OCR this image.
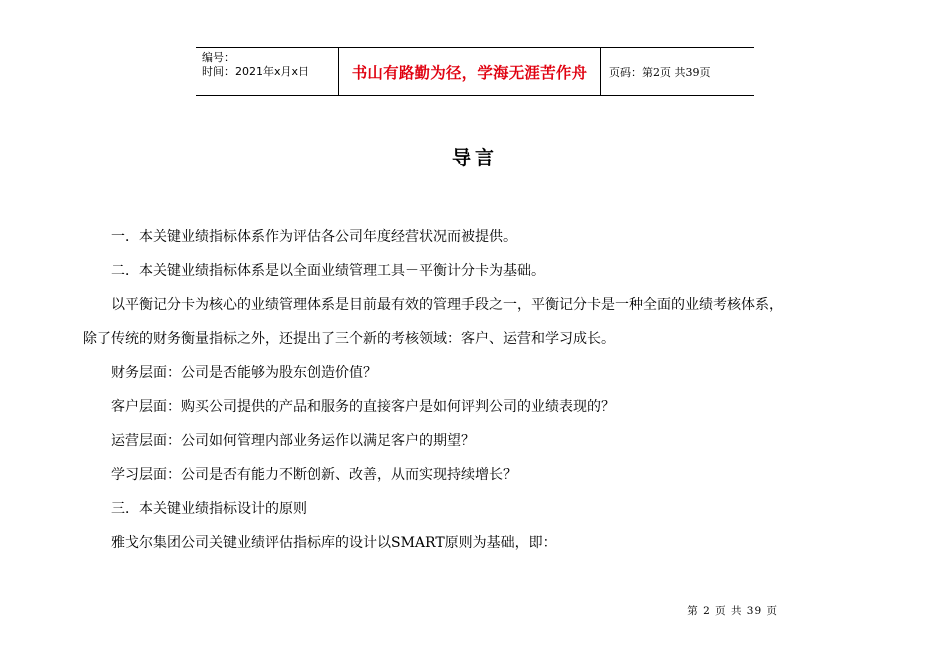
编号：
时间：2021年x月x日	书山有路勤为径，学海无涯苦作舟 页码：第2页 共39页
导言

一．本关键业绩指标体系作为评估各公司年度经营状况而被提供。

二．本关键业绩指标体系是以全面业绩管理工具－平衡计分卡为基础。

以平衡记分卡为核心的业绩管理体系是目前最有效的管理手段之一，平衡记分卡是一种全面的业绩考核体系，

除了传统的财务衡量指标之外，还提出了三个新的考核领域：客户、运营和学习成长。

财务层面：公司是否能够为股东创造价值？

客户层面：购买公司提供的产品和服务的直接客户是如何评判公司的业绩表现的？

运营层面：公司如何管理内部业务运作以满足客户的期望？

学习层面：公司是否有能力不断创新、改善，从而实现持续增长？

三．本关键业绩指标设计的原则

雅戈尔集团公司关键业绩评估指标库的设计以SMART原则为基础，即：

第 2 页 共 39 页
